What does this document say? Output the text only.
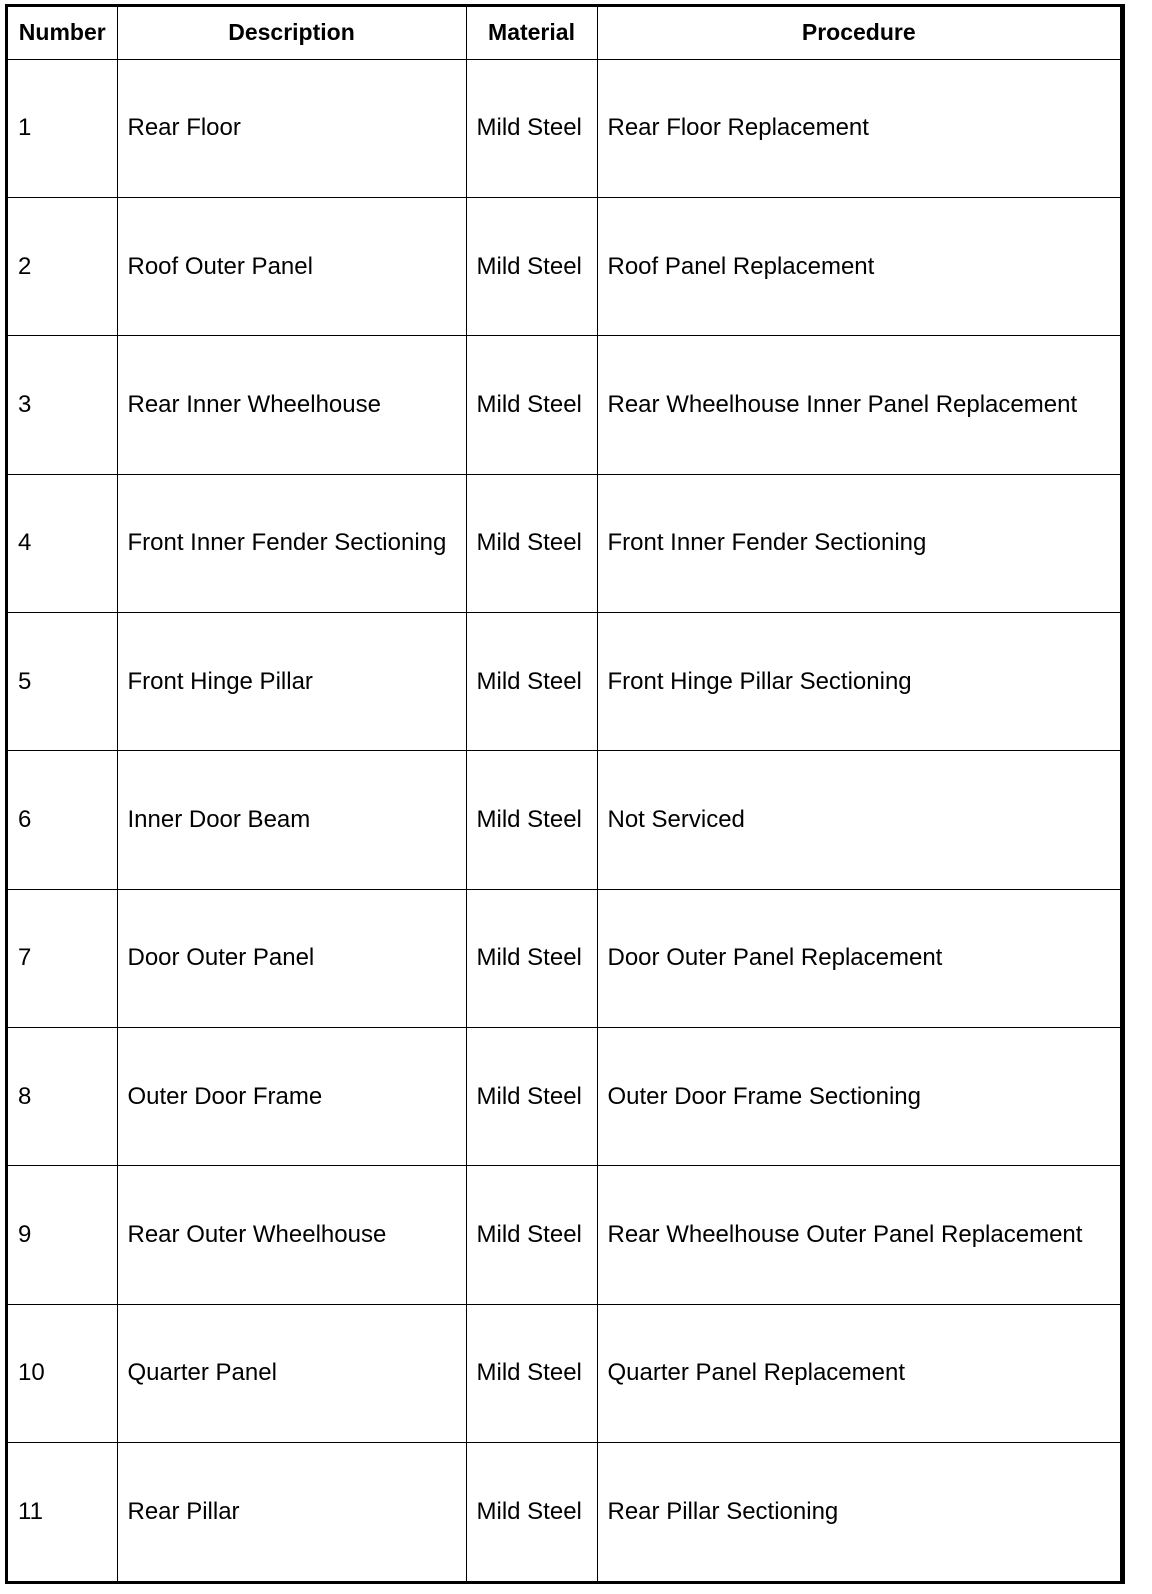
Number	Description	Material	Procedure
1	Rear Floor	Mild Steel	Rear Floor Replacement
2	Roof Outer Panel	Mild Steel	Roof Panel Replacement
3	Rear Inner Wheelhouse	Mild Steel	Rear Wheelhouse Inner Panel Replacement
4	Front Inner Fender Sectioning	Mild Steel	Front Inner Fender Sectioning
5	Front Hinge Pillar	Mild Steel	Front Hinge Pillar Sectioning
6	Inner Door Beam	Mild Steel	Not Serviced
7	Door Outer Panel	Mild Steel	Door Outer Panel Replacement
8	Outer Door Frame	Mild Steel	Outer Door Frame Sectioning
9	Rear Outer Wheelhouse	Mild Steel	Rear Wheelhouse Outer Panel Replacement
10	Quarter Panel	Mild Steel	Quarter Panel Replacement
11	Rear Pillar	Mild Steel	Rear Pillar Sectioning
